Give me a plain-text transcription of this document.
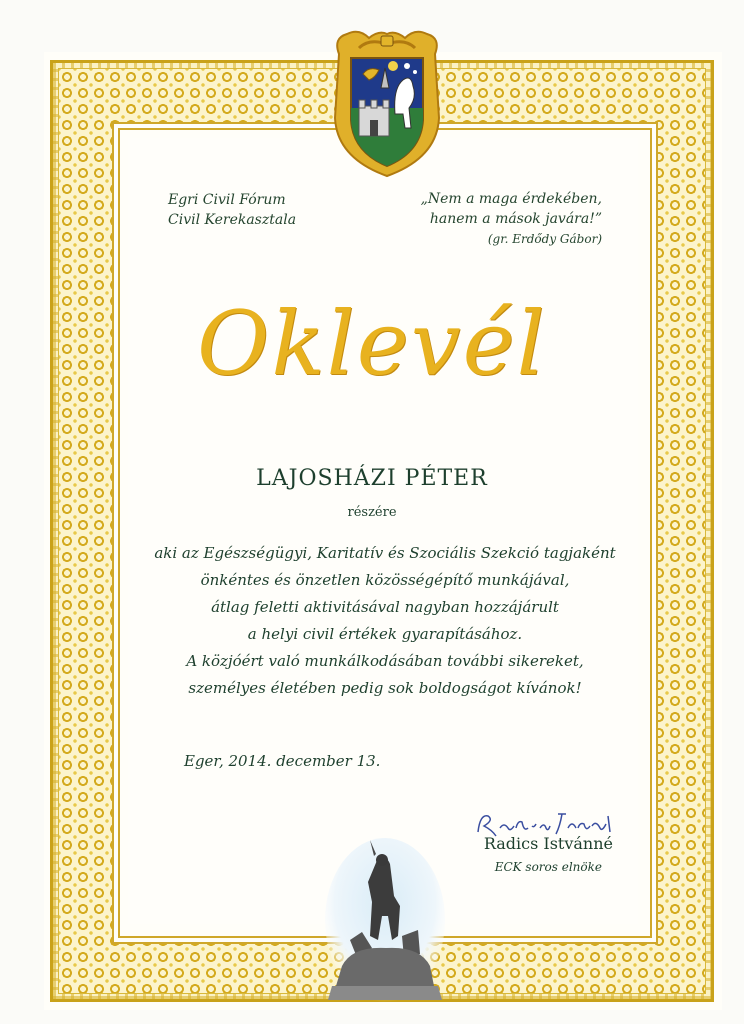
Egri Civil Fórum
Civil Kerekasztala
„Nem a maga érdekében,
hanem a mások javára!”
(gr. Erdődy Gábor)
Oklevél
LAJOSHÁZI PÉTER
részére

aki az Egészségügyi, Karitatív és Szociális Szekció tagjaként

önkéntes és önzetlen közösségépítő munkájával,

átlag feletti aktivitásával nagyban hozzájárult

a helyi civil értékek gyarapításához.

A közjóért való munkálkodásában további sikereket,

személyes életében pedig sok boldogságot kívánok!

Eger, 2014. december 13.
Radics Istvánné
ECK soros elnöke
